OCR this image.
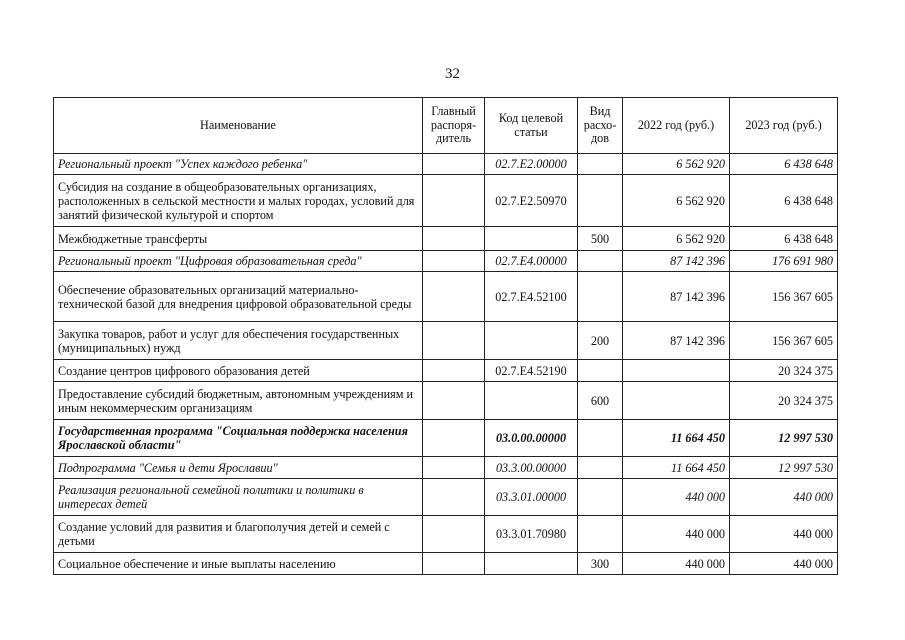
32
Наименование	Главный распоря-дитель	Код целевой статьи	Вид расхо-дов	2022 год (руб.)	2023 год (руб.)
Региональный проект "Успех каждого ребенка"		02.7.Е2.00000		6 562 920	6 438 648
Субсидия на создание в общеобразовательных организациях, расположенных в сельской местности и малых городах, условий для занятий физической культурой и спортом		02.7.Е2.50970		6 562 920	6 438 648
Межбюджетные трансферты			500	6 562 920	6 438 648
Региональный проект "Цифровая образовательная среда"		02.7.Е4.00000		87 142 396	176 691 980
Обеспечение образовательных организаций материально-технической базой для внедрения цифровой образовательной среды		02.7.Е4.52100		87 142 396	156 367 605
Закупка товаров, работ и услуг для обеспечения государственных (муниципальных) нужд			200	87 142 396	156 367 605
Создание центров цифрового образования детей		02.7.Е4.52190			20 324 375
Предоставление субсидий бюджетным, автономным учреждениям и иным некоммерческим организациям			600		20 324 375
Государственная программа "Социальная поддержка населения Ярославской области"		03.0.00.00000		11 664 450	12 997 530
Подпрограмма "Семья и дети Ярославии"		03.3.00.00000		11 664 450	12 997 530
Реализация региональной семейной политики и политики в интересах детей		03.3.01.00000		440 000	440 000
Создание условий для развития и благополучия детей и семей с детьми		03.3.01.70980		440 000	440 000
Социальное обеспечение и иные выплаты населению			300	440 000	440 000
